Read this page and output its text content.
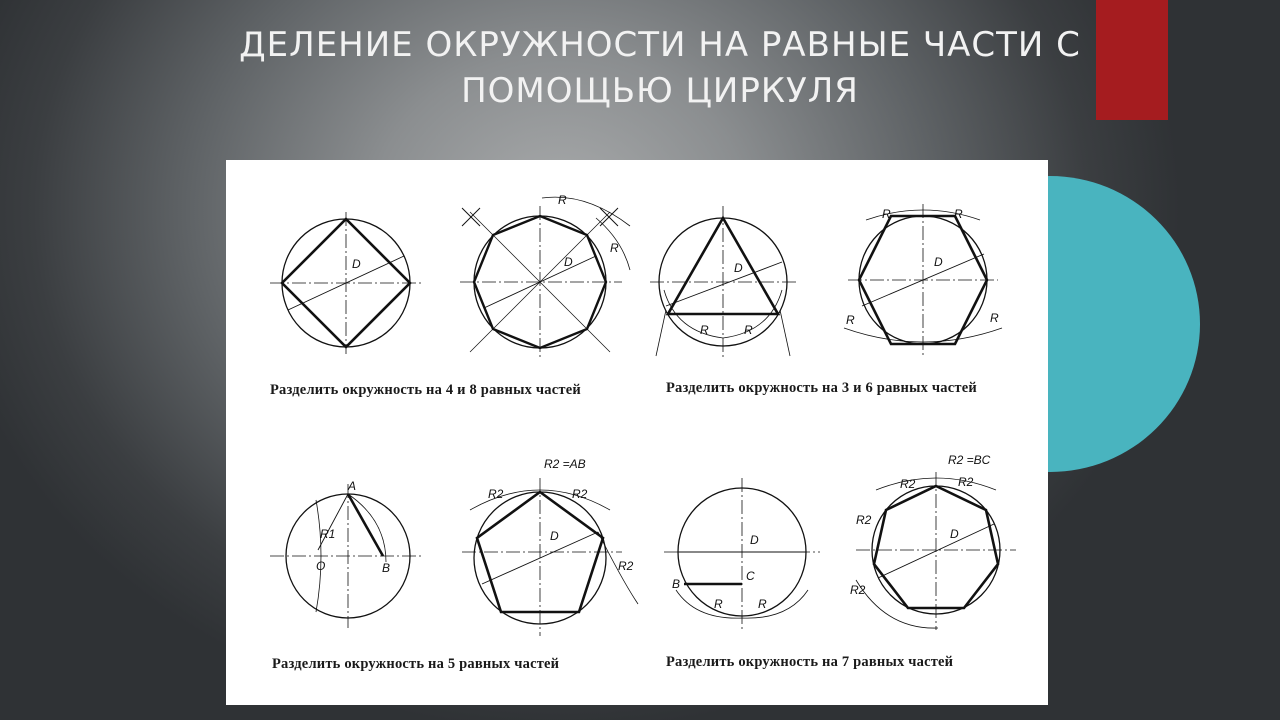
ДЕЛЕНИЕ ОКРУЖНОСТИ НА РАВНЫЕ ЧАСТИ С
ПОМОЩЬЮ ЦИРКУЛЯ
D
R
R
D	D
R	R
R	R
R	R
D
A
B
O
R1
R2 =AB
R2	R2
R2
D	D
B
C
R	R
R2 =BC
R2	R2
R2
R2
D
Разделить окружность на 4 и 8 равных частей	Разделить окружность на 3 и 6 равных частей
Разделить окружность на 5 равных частей	Разделить окружность на 7 равных частей
